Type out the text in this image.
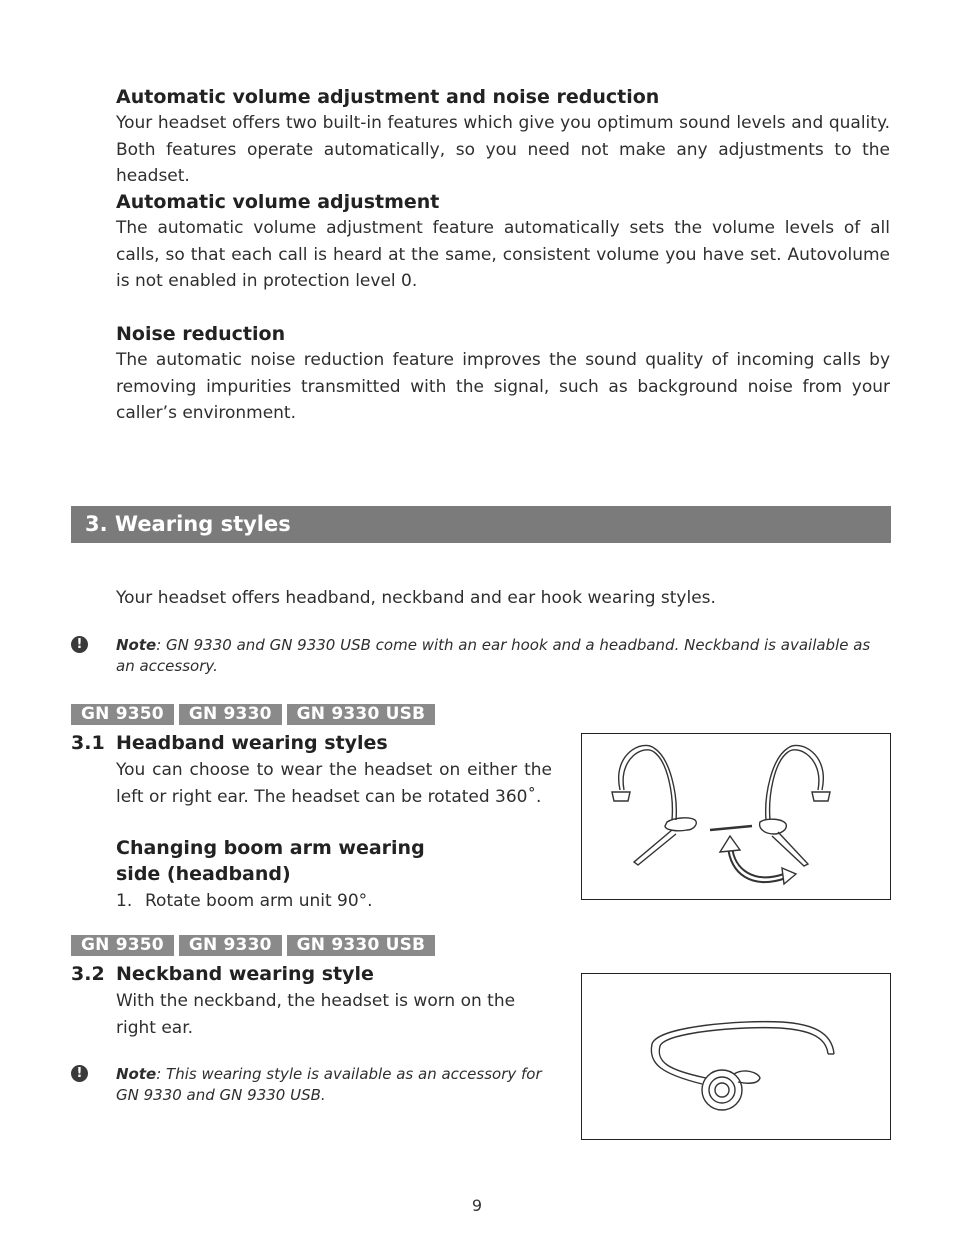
Automatic volume adjustment and noise reduction

Your headset offers two built-in features which give you optimum sound levels and quality. Both features operate automatically, so you need not make any adjustments to the headset.

Automatic volume adjustment

The automatic volume adjustment feature automatically sets the volume levels of all calls, so that each call is heard at the same, consistent volume you have set. Autovolume is not enabled in protection level 0.

Noise reduction

The automatic noise reduction feature improves the sound quality of incoming calls by removing impurities transmitted with the signal, such as background noise from your caller’s environment.

3. Wearing styles

Your headset offers headband, neckband and ear hook wearing styles.

!	Note: GN 9330 and GN 9330 USB come with an ear hook and a headband. Neckband is available as an accessory.

GN 9350	GN 9330	GN 9330 USB

3.1 Headband wearing styles

You can choose to wear the headset on either the left or right ear. The headset can be rotated 360˚.

Changing boom arm wearing side (headband)

1. Rotate boom arm unit 90°.

GN 9350	GN 9330	GN 9330 USB

3.2 Neckband wearing style

With the neckband, the headset is worn on the right ear.

!	Note: This wearing style is available as an accessory for GN 9330 and GN 9330 USB.

9
